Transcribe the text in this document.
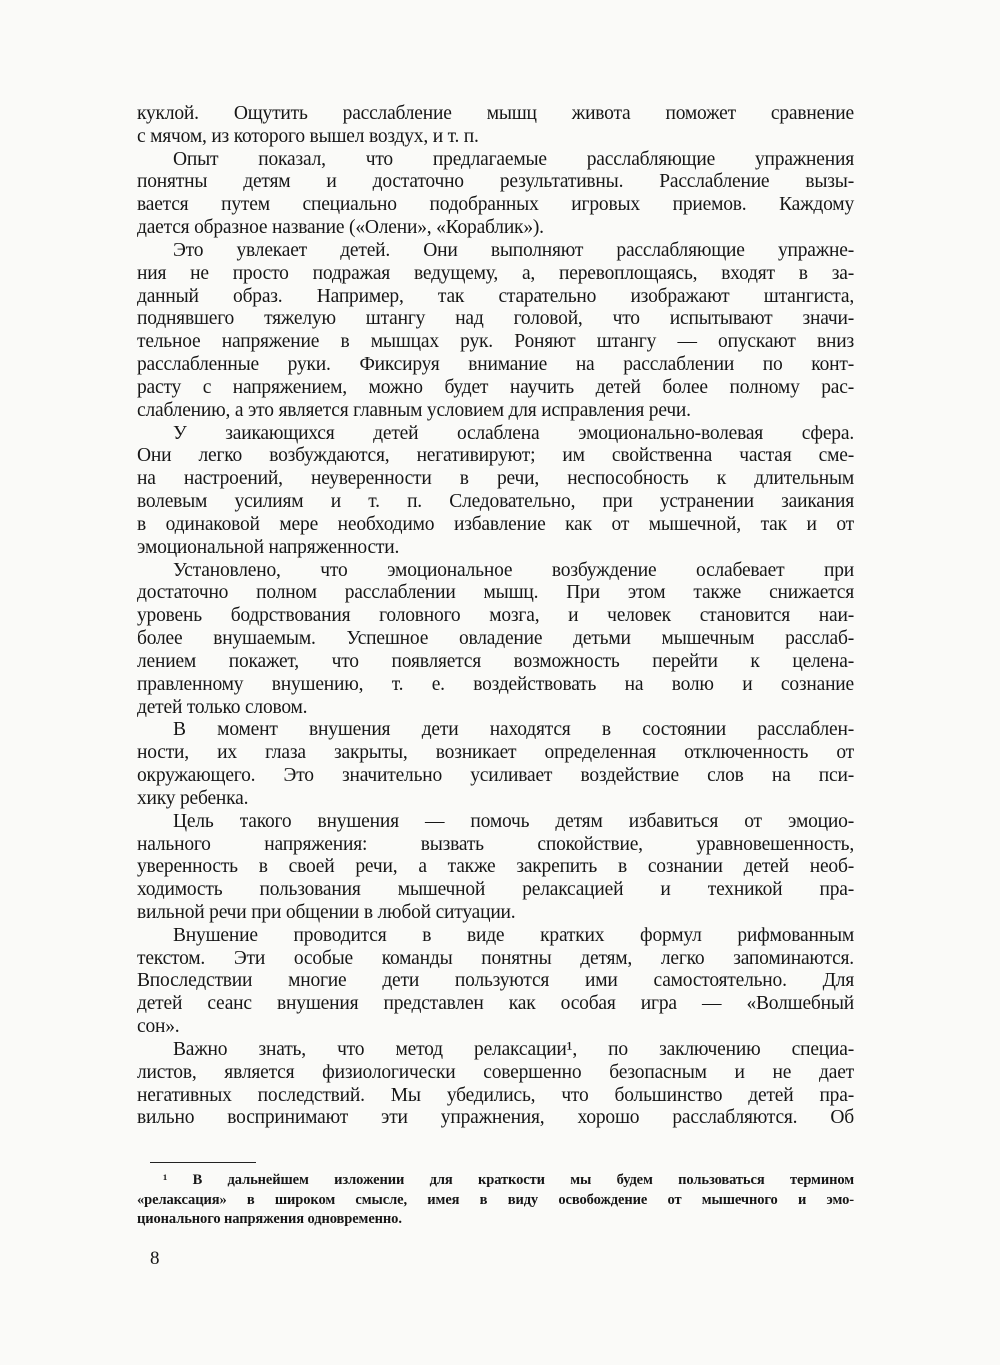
куклой. Ощутить расслабление мышц живота поможет сравнение
с мячом, из которого вышел воздух, и т. п.
Опыт показал, что предлагаемые расслабляющие упражнения
понятны детям и достаточно результативны. Расслабление вызы-
вается путем специально подобранных игровых приемов. Каждому
дается образное название («Олени», «Кораблик»).
Это увлекает детей. Они выполняют расслабляющие упражне-
ния не просто подражая ведущему, а, перевоплощаясь, входят в за-
данный образ. Например, так старательно изображают штангиста,
поднявшего тяжелую штангу над головой, что испытывают значи-
тельное напряжение в мышцах рук. Роняют штангу — опускают вниз
расслабленные руки. Фиксируя внимание на расслаблении по конт-
расту с напряжением, можно будет научить детей более полному рас-
слаблению, а это является главным условием для исправления речи.
У заикающихся детей ослаблена эмоционально-волевая сфера.
Они легко возбуждаются, негативируют; им свойственна частая сме-
на настроений, неуверенности в речи, неспособность к длительным
волевым усилиям и т. п. Следовательно, при устранении заикания
в одинаковой мере необходимо избавление как от мышечной, так и от
эмоциональной напряженности.
Установлено, что эмоциональное возбуждение ослабевает при
достаточно полном расслаблении мышц. При этом также снижается
уровень бодрствования головного мозга, и человек становится наи-
более внушаемым. Успешное овладение детьми мышечным расслаб-
лением покажет, что появляется возможность перейти к целена-
правленному внушению, т. е. воздействовать на волю и сознание
детей только словом.
В момент внушения дети находятся в состоянии расслаблен-
ности, их глаза закрыты, возникает определенная отключенность от
окружающего. Это значительно усиливает воздействие слов на пси-
хику ребенка.
Цель такого внушения — помочь детям избавиться от эмоцио-
нального напряжения: вызвать спокойствие, уравновешенность,
уверенность в своей речи, а также закрепить в сознании детей необ-
ходимость пользования мышечной релаксацией и техникой пра-
вильной речи при общении в любой ситуации.
Внушение проводится в виде кратких формул рифмованным
текстом. Эти особые команды понятны детям, легко запоминаются.
Впоследствии многие дети пользуются ими самостоятельно. Для
детей сеанс внушения представлен как особая игра — «Волшебный
сон».
Важно знать, что метод релаксации¹, по заключению специа-
листов, является физиологически совершенно безопасным и не дает
негативных последствий. Мы убедились, что большинство детей пра-
вильно воспринимают эти упражнения, хорошо расслабляются. Об
¹ В дальнейшем изложении для краткости мы будем пользоваться термином
«релаксация» в широком смысле, имея в виду освобождение от мышечного и эмо-
ционального напряжения одновременно.
8
